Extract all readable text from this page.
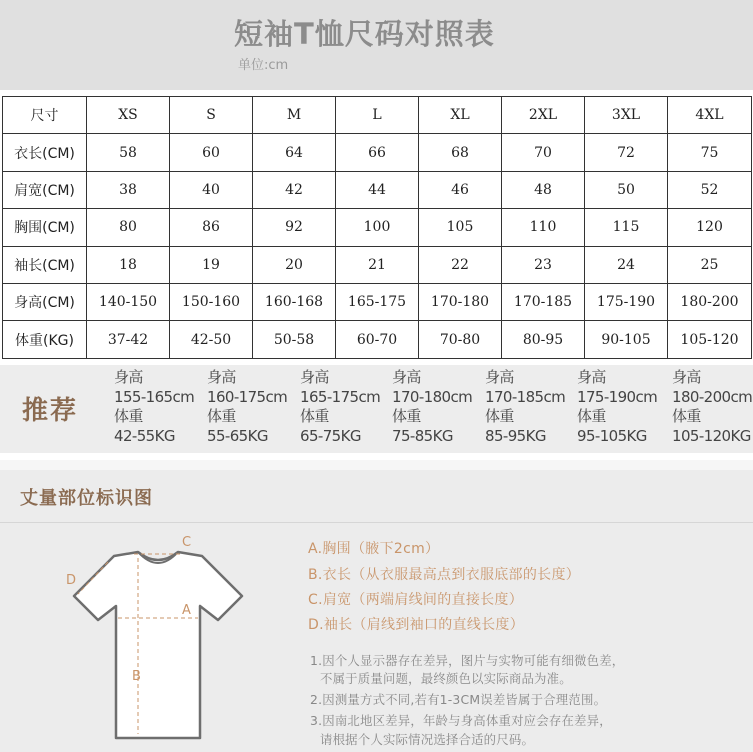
短袖T恤尺码对照表
单位:cm
尺寸	XS	S	M	L	XL	2XL	3XL	4XL
衣长(CM)	58	60	64	66	68	70	72	75
肩宽(CM)	38	40	42	44	46	48	50	52
胸围(CM)	80	86	92	100	105	110	115	120
袖长(CM)	18	19	20	21	22	23	24	25
身高(CM)	140-150	150-160	160-168	165-175	170-180	170-185	175-190	180-200
体重(KG)	37-42	42-50	50-58	60-70	70-80	80-95	90-105	105-120
推荐
身高
155-165cm
体重
42-55KG
身高
160-175cm
体重
55-65KG
身高
165-175cm
体重
65-75KG
身高
170-180cm
体重
75-85KG
身高
170-185cm
体重
85-95KG
身高
175-190cm
体重
95-105KG
身高
180-200cm
体重
105-120KG
丈量部位标识图
A
B
C
D
A.胸围（腋下2cm）
B.衣长（从衣服最高点到衣服底部的长度）
C.肩宽（两端肩线间的直接长度）
D.袖长（肩线到袖口的直线长度）
1.因个人显示器存在差异，图片与实物可能有细微色差，
不属于质量问题，最终颜色以实际商品为准。
2.因测量方式不同,若有1-3CM误差皆属于合理范围。
3.因南北地区差异，年龄与身高体重对应会存在差异，
请根据个人实际情况选择合适的尺码。
